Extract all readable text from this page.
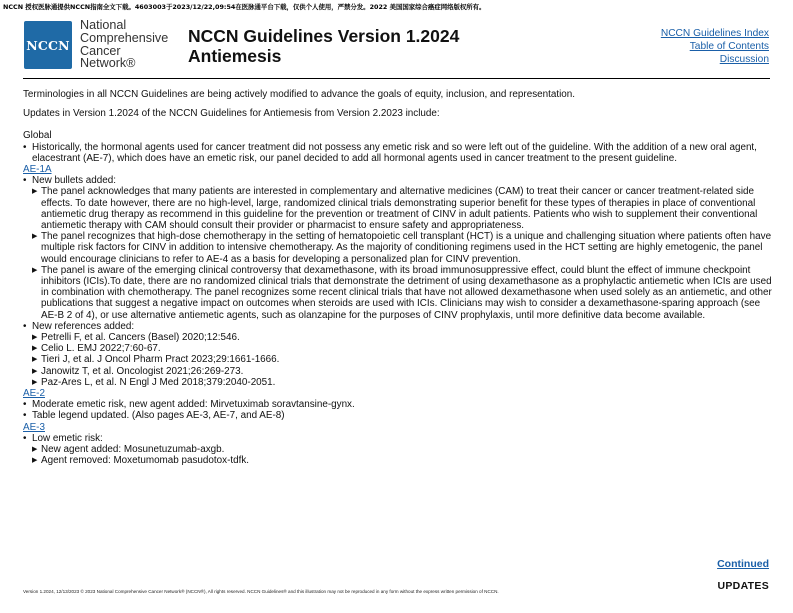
NCCN 授权医脉通提供NCCN指南全文下载。4603003于2023/12/22,09:54在医脉通平台下载，仅供个人使用，严禁分发。2022 美国国家综合癌症网络版权所有。
NCCN
National
Comprehensive
Cancer
Network®
NCCN Guidelines Version 1.2024
Antiemesis
NCCN Guidelines Index
Table of Contents
Discussion

Terminologies in all NCCN Guidelines are being actively modified to advance the goals of equity, inclusion, and representation.

Updates in Version 1.2024 of the NCCN Guidelines for Antiemesis from Version 2.2023 include:

Global

• Historically, the hormonal agents used for cancer treatment did not possess any emetic risk and so were left out of the guideline. With the addition of a new oral agent, elacestrant (AE-7), which does have an emetic risk, our panel decided to add all hormonal agents used in cancer treatment to the present guideline.

AE-1A

• New bullets added:

▶ The panel acknowledges that many patients are interested in complementary and alternative medicines (CAM) to treat their cancer or cancer treatment-related side effects. To date however, there are no high-level, large, randomized clinical trials demonstrating superior benefit for these types of therapies in place of conventional antiemetic drug therapy as recommend in this guideline for the prevention or treatment of CINV in adult patients. Patients who wish to supplement their conventional antiemetic therapy with CAM should consult their provider or pharmacist to ensure safety and appropriateness.

▶ The panel recognizes that high-dose chemotherapy in the setting of hematopoietic cell transplant (HCT) is a unique and challenging situation where patients often have multiple risk factors for CINV in addition to intensive chemotherapy. As the majority of conditioning regimens used in the HCT setting are highly emetogenic, the panel would encourage clinicians to refer to AE-4 as a basis for developing a personalized plan for CINV prevention.

▶ The panel is aware of the emerging clinical controversy that dexamethasone, with its broad immunosuppressive effect, could blunt the effect of immune checkpoint inhibitors (ICIs).To date, there are no randomized clinical trials that demonstrate the detriment of using dexamethasone as a prophylactic antiemetic when ICIs are used in combination with chemotherapy. The panel recognizes some recent clinical trials that have not allowed dexamethasone when used solely as an antiemetic, and other publications that suggest a negative impact on outcomes when steroids are used with ICIs. Clinicians may wish to consider a dexamethasone-sparing approach (see AE-B 2 of 4), or use alternative antiemetic agents, such as olanzapine for the purposes of CINV prophylaxis, until more definitive data become available.

• New references added:

▶ Petrelli F, et al. Cancers (Basel) 2020;12:546.

▶ Celio L. EMJ 2022;7:60-67.

▶ Tieri J, et al. J Oncol Pharm Pract 2023;29:1661-1666.

▶ Janowitz T, et al. Oncologist 2021;26:269-273.

▶ Paz-Ares L, et al. N Engl J Med 2018;379:2040-2051.

AE-2

• Moderate emetic risk, new agent added: Mirvetuximab soravtansine-gynx.

• Table legend updated. (Also pages AE-3, AE-7, and AE-8)

AE-3

• Low emetic risk:

▶ New agent added: Mosunetuzumab-axgb.

▶ Agent removed: Moxetumomab pasudotox-tdfk.

Continued
UPDATES
Version 1.2024, 12/13/2023 © 2023 National Comprehensive Cancer Network® (NCCN®), All rights reserved. NCCN Guidelines® and this illustration may not be reproduced in any form without the express written permission of NCCN.
